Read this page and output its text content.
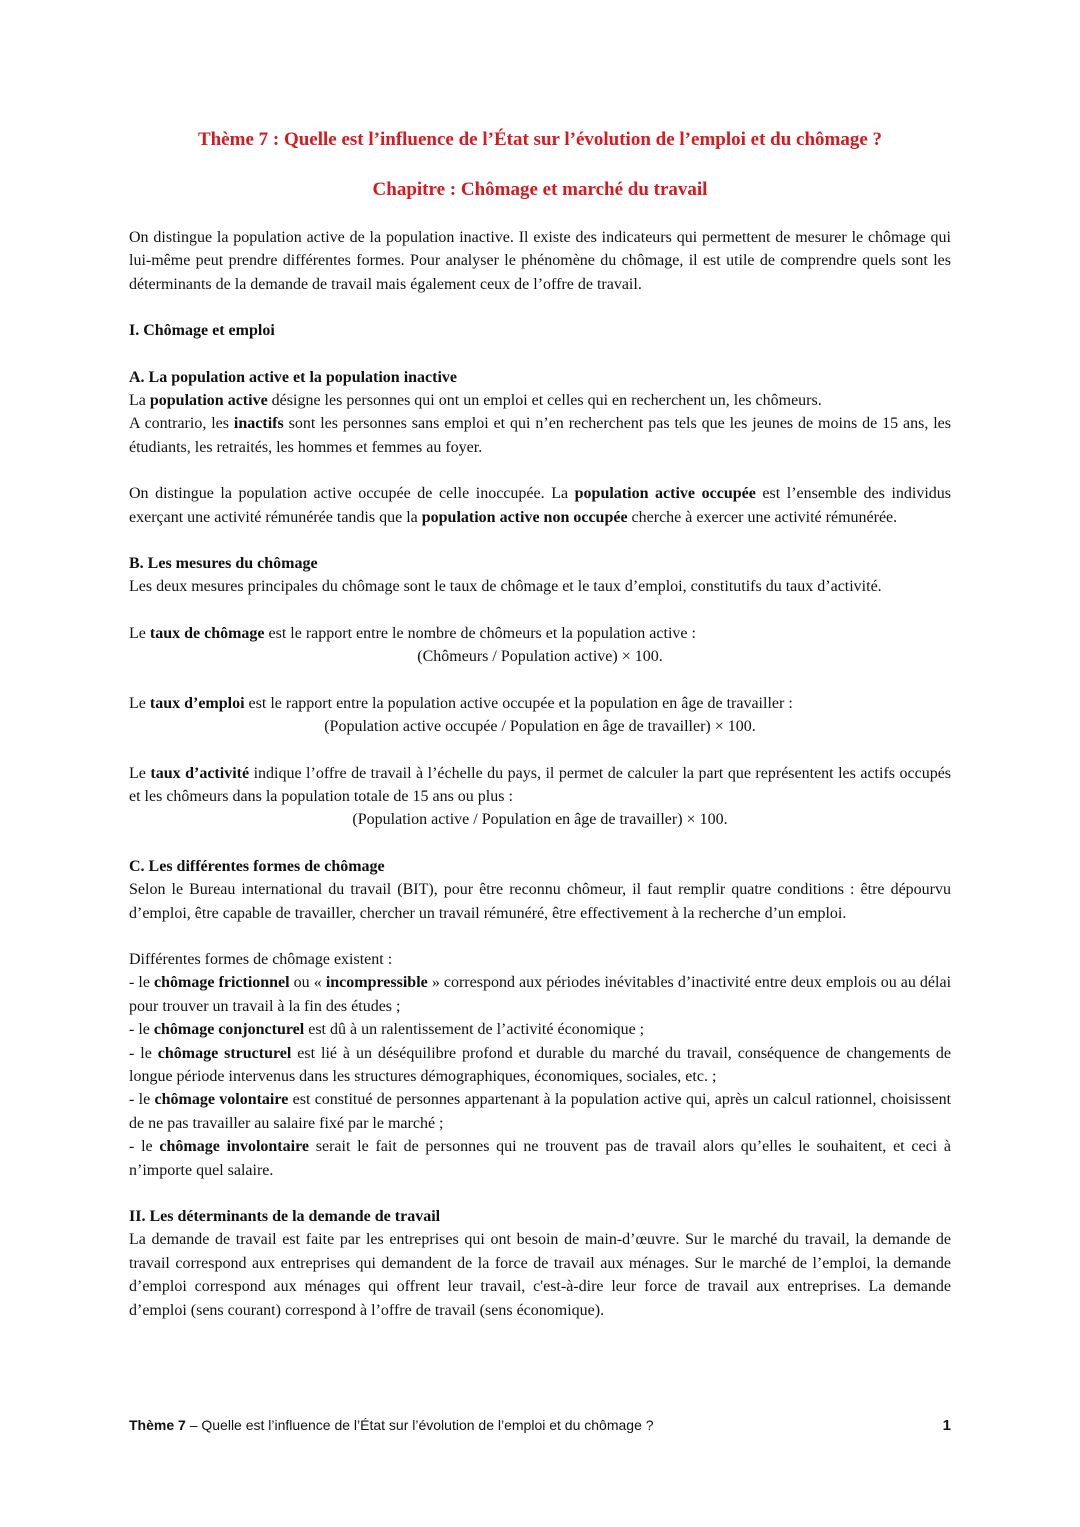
Thème 7 : Quelle est l’influence de l’État sur l’évolution de l’emploi et du chômage ?
Chapitre : Chômage et marché du travail

On distingue la population active de la population inactive. Il existe des indicateurs qui permettent de mesurer le chômage qui lui-même peut prendre différentes formes. Pour analyser le phénomène du chômage, il est utile de comprendre quels sont les déterminants de la demande de travail mais également ceux de l’offre de travail.

I. Chômage et emploi

A. La population active et la population inactive

La population active désigne les personnes qui ont un emploi et celles qui en recherchent un, les chômeurs.

A contrario, les inactifs sont les personnes sans emploi et qui n’en recherchent pas tels que les jeunes de moins de 15 ans, les étudiants, les retraités, les hommes et femmes au foyer.

On distingue la population active occupée de celle inoccupée. La population active occupée est l’ensemble des individus exerçant une activité rémunérée tandis que la population active non occupée cherche à exercer une activité rémunérée.

B. Les mesures du chômage

Les deux mesures principales du chômage sont le taux de chômage et le taux d’emploi, constitutifs du taux d’activité.

Le taux de chômage est le rapport entre le nombre de chômeurs et la population active :

(Chômeurs / Population active) × 100.

Le taux d’emploi est le rapport entre la population active occupée et la population en âge de travailler :

(Population active occupée / Population en âge de travailler) × 100.

Le taux d’activité indique l’offre de travail à l’échelle du pays, il permet de calculer la part que représentent les actifs occupés et les chômeurs dans la population totale de 15 ans ou plus :

(Population active / Population en âge de travailler) × 100.

C. Les différentes formes de chômage

Selon le Bureau international du travail (BIT), pour être reconnu chômeur, il faut remplir quatre conditions : être dépourvu d’emploi, être capable de travailler, chercher un travail rémunéré, être effectivement à la recherche d’un emploi.

Différentes formes de chômage existent :

- le chômage frictionnel ou « incompressible » correspond aux périodes inévitables d’inactivité entre deux emplois ou au délai pour trouver un travail à la fin des études ;

- le chômage conjoncturel est dû à un ralentissement de l’activité économique ;

- le chômage structurel est lié à un déséquilibre profond et durable du marché du travail, conséquence de changements de longue période intervenus dans les structures démographiques, économiques, sociales, etc. ;

- le chômage volontaire est constitué de personnes appartenant à la population active qui, après un calcul rationnel, choisissent de ne pas travailler au salaire fixé par le marché ;

- le chômage involontaire serait le fait de personnes qui ne trouvent pas de travail alors qu’elles le souhaitent, et ceci à n’importe quel salaire.

II. Les déterminants de la demande de travail

La demande de travail est faite par les entreprises qui ont besoin de main-d’œuvre. Sur le marché du travail, la demande de travail correspond aux entreprises qui demandent de la force de travail aux ménages. Sur le marché de l’emploi, la demande d’emploi correspond aux ménages qui offrent leur travail, c'est-à-dire leur force de travail aux entreprises. La demande d’emploi (sens courant) correspond à l’offre de travail (sens économique).

Thème 7 – Quelle est l’influence de l’État sur l’évolution de l’emploi et du chômage ?	1
